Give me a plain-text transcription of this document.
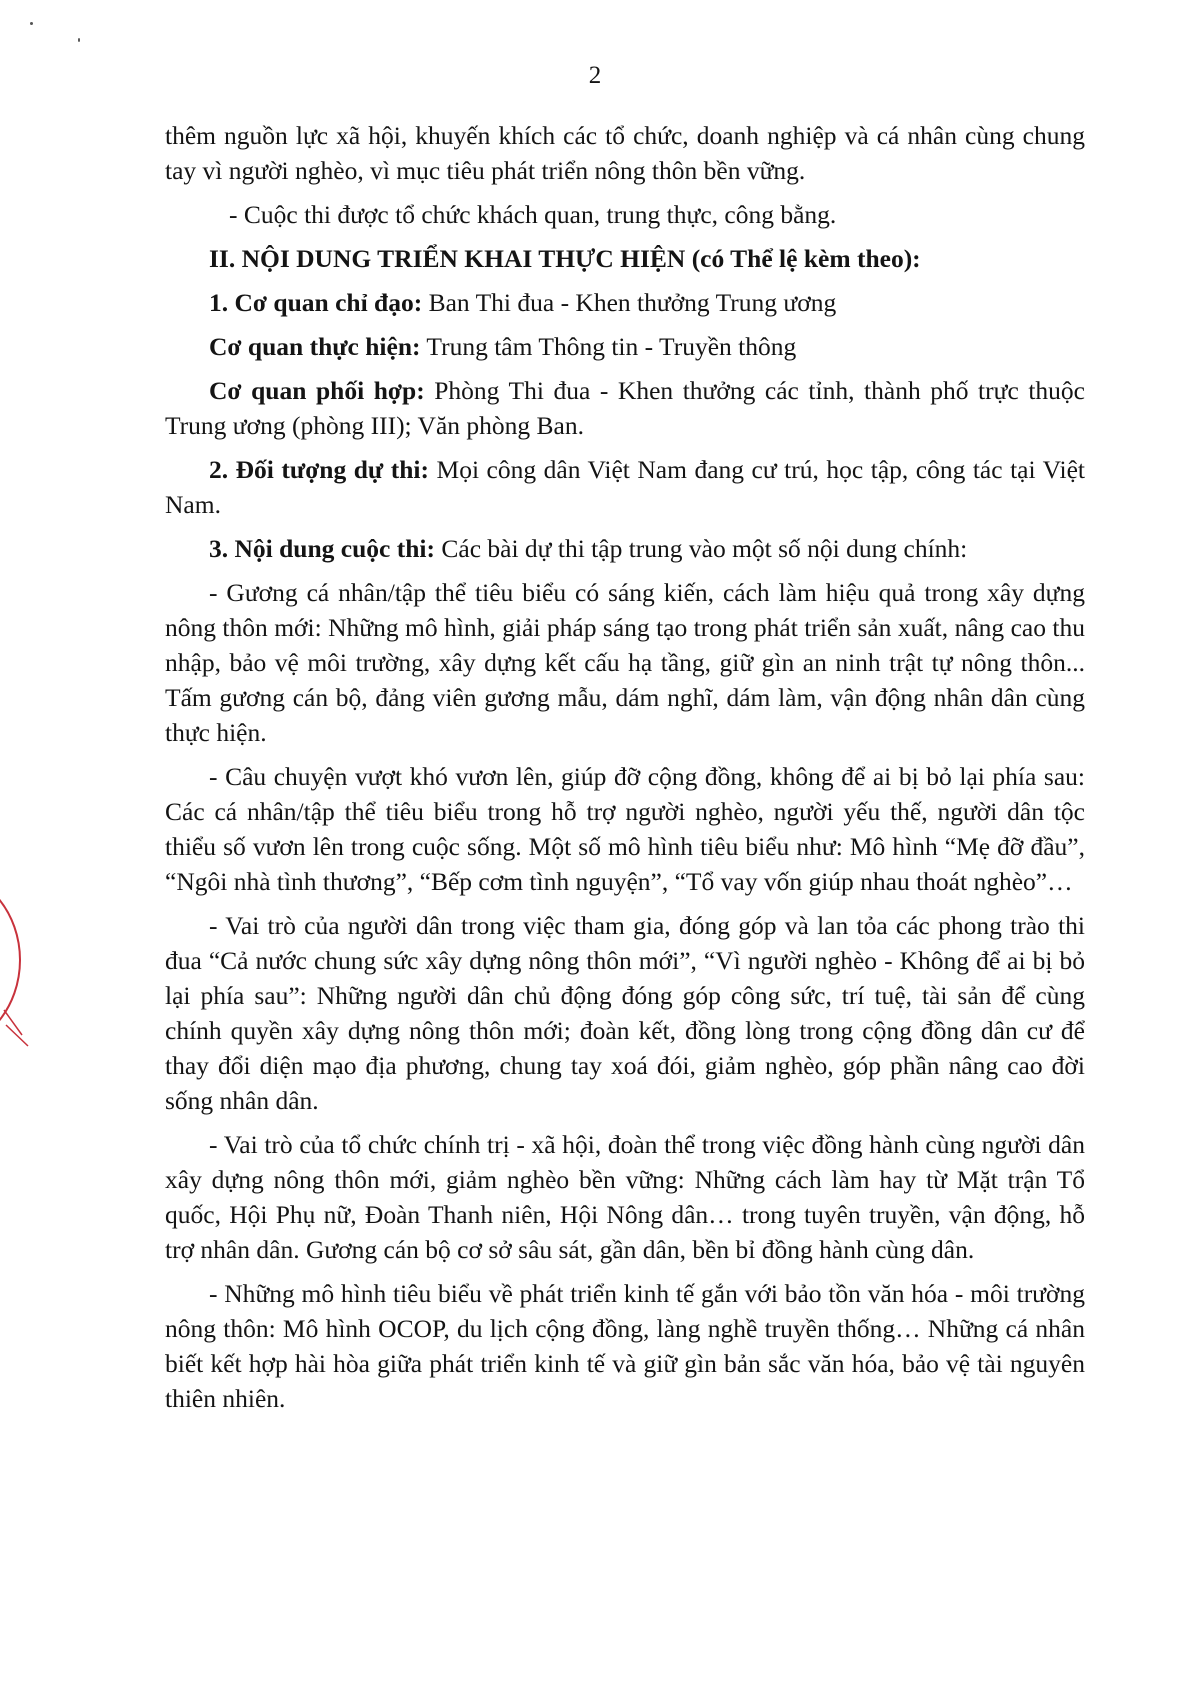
2

thêm nguồn lực xã hội, khuyến khích các tổ chức, doanh nghiệp và cá nhân cùng chung tay vì người nghèo, vì mục tiêu phát triển nông thôn bền vững.

- Cuộc thi được tổ chức khách quan, trung thực, công bằng.

II. NỘI DUNG TRIỂN KHAI THỰC HIỆN (có Thể lệ kèm theo):

1. Cơ quan chỉ đạo: Ban Thi đua - Khen thưởng Trung ương

Cơ quan thực hiện: Trung tâm Thông tin - Truyền thông

Cơ quan phối hợp: Phòng Thi đua - Khen thưởng các tỉnh, thành phố trực thuộc Trung ương (phòng III); Văn phòng Ban.

2. Đối tượng dự thi: Mọi công dân Việt Nam đang cư trú, học tập, công tác tại Việt Nam.

3. Nội dung cuộc thi: Các bài dự thi tập trung vào một số nội dung chính:

- Gương cá nhân/tập thể tiêu biểu có sáng kiến, cách làm hiệu quả trong xây dựng nông thôn mới: Những mô hình, giải pháp sáng tạo trong phát triển sản xuất, nâng cao thu nhập, bảo vệ môi trường, xây dựng kết cấu hạ tầng, giữ gìn an ninh trật tự nông thôn... Tấm gương cán bộ, đảng viên gương mẫu, dám nghĩ, dám làm, vận động nhân dân cùng thực hiện.

- Câu chuyện vượt khó vươn lên, giúp đỡ cộng đồng, không để ai bị bỏ lại phía sau: Các cá nhân/tập thể tiêu biểu trong hỗ trợ người nghèo, người yếu thế, người dân tộc thiểu số vươn lên trong cuộc sống. Một số mô hình tiêu biểu như: Mô hình “Mẹ đỡ đầu”, “Ngôi nhà tình thương”, “Bếp cơm tình nguyện”, “Tổ vay vốn giúp nhau thoát nghèo”…

- Vai trò của người dân trong việc tham gia, đóng góp và lan tỏa các phong trào thi đua “Cả nước chung sức xây dựng nông thôn mới”, “Vì người nghèo - Không để ai bị bỏ lại phía sau”: Những người dân chủ động đóng góp công sức, trí tuệ, tài sản để cùng chính quyền xây dựng nông thôn mới; đoàn kết, đồng lòng trong cộng đồng dân cư để thay đổi diện mạo địa phương, chung tay xoá đói, giảm nghèo, góp phần nâng cao đời sống nhân dân.

- Vai trò của tổ chức chính trị - xã hội, đoàn thể trong việc đồng hành cùng người dân xây dựng nông thôn mới, giảm nghèo bền vững: Những cách làm hay từ Mặt trận Tổ quốc, Hội Phụ nữ, Đoàn Thanh niên, Hội Nông dân… trong tuyên truyền, vận động, hỗ trợ nhân dân. Gương cán bộ cơ sở sâu sát, gần dân, bền bỉ đồng hành cùng dân.

- Những mô hình tiêu biểu về phát triển kinh tế gắn với bảo tồn văn hóa - môi trường nông thôn: Mô hình OCOP, du lịch cộng đồng, làng nghề truyền thống… Những cá nhân biết kết hợp hài hòa giữa phát triển kinh tế và giữ gìn bản sắc văn hóa, bảo vệ tài nguyên thiên nhiên.
